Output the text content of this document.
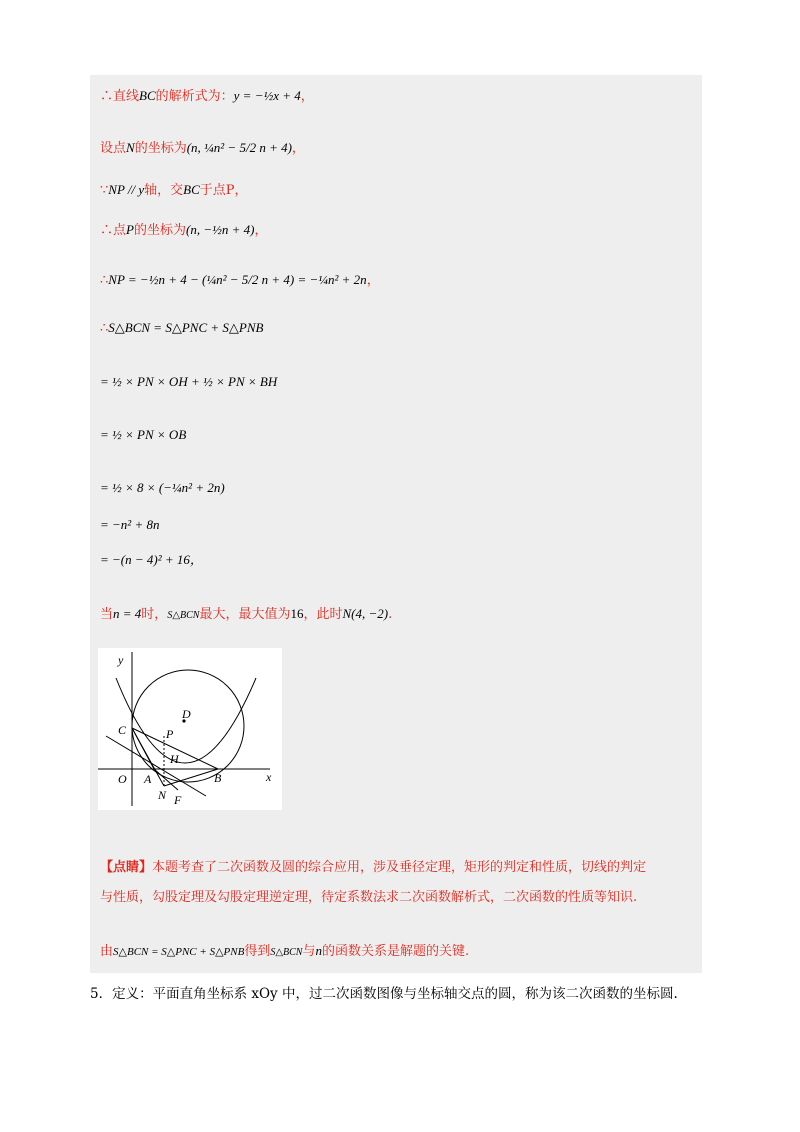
∴直线BC的解析式为：y = −½x + 4，
设点N的坐标为(n, ¼n² − 5/2 n + 4)，
∵NP // y轴，交BC于点P，
∴点P的坐标为(n, −½n + 4)，
∴NP = −½n + 4 − (¼n² − 5/2 n + 4) = −¼n² + 2n，
∴S△BCN = S△PNC + S△PNB
= ½ × PN × OH + ½ × PN × BH
= ½ × PN × OB
= ½ × 8 × (−¼n² + 2n)
= −n² + 8n
= −(n − 4)² + 16，
当n = 4时，S△BCN最大，最大值为16，此时N(4, −2).
y
x
C
D
P
H
O A	B
N F
【点睛】本题考查了二次函数及圆的综合应用，涉及垂径定理，矩形的判定和性质，切线的判定
与性质，勾股定理及勾股定理逆定理，待定系数法求二次函数解析式，二次函数的性质等知识.
由S△BCN = S△PNC + S△PNB得到S△BCN与n的函数关系是解题的关键.
5．定义：平面直角坐标系 xOy 中，过二次函数图像与坐标轴交点的圆，称为该二次函数的坐标圆.
